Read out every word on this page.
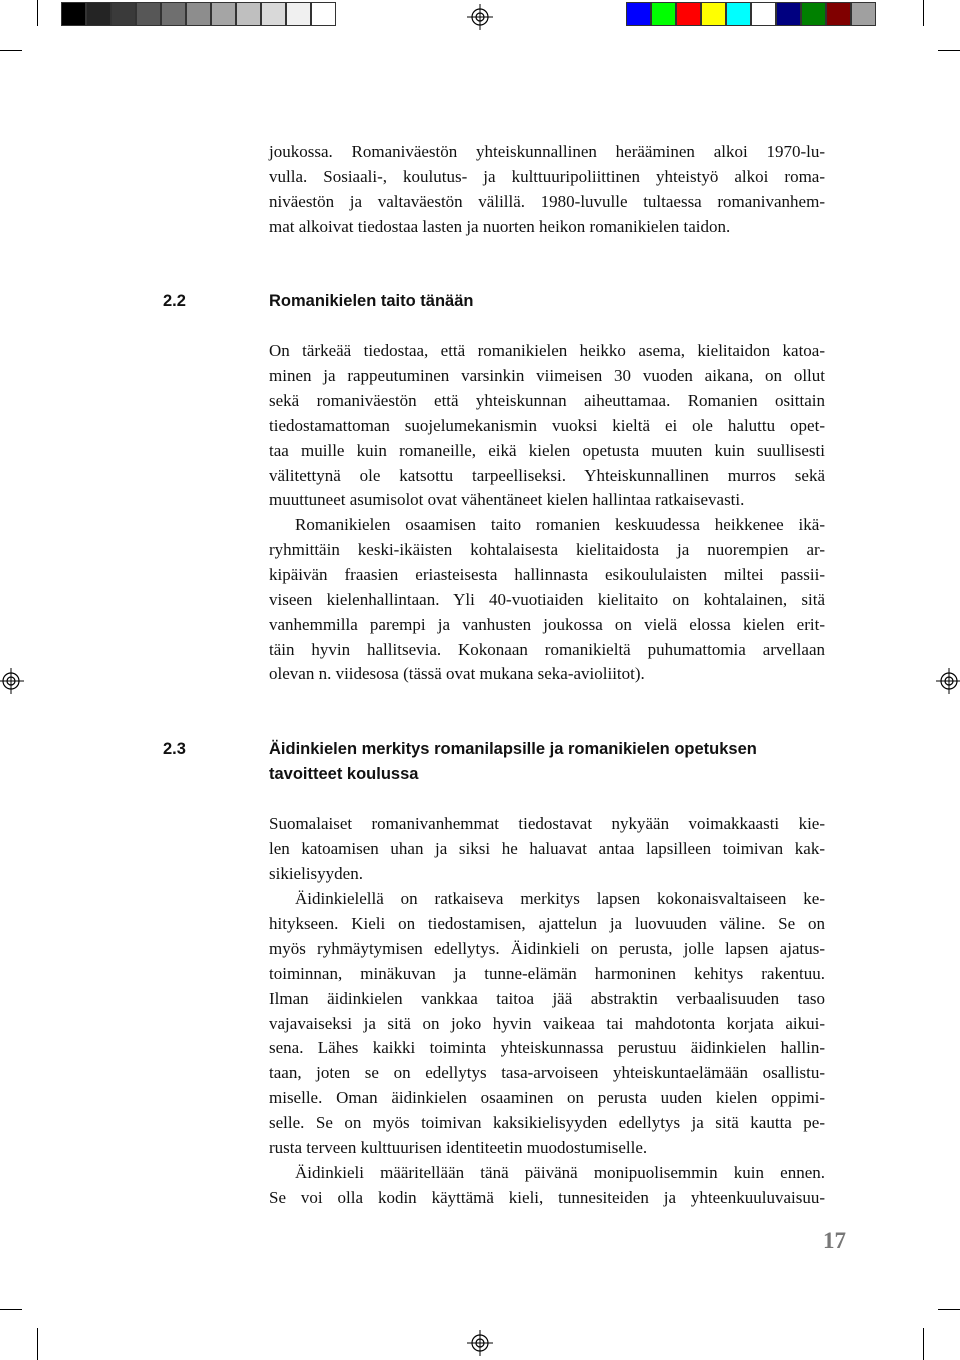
joukossa. Romaniväestön yhteiskunnallinen herääminen alkoi 1970-lu-
vulla. Sosiaali-, koulutus- ja kulttuuripoliittinen yhteistyö alkoi roma-
niväestön ja valtaväestön välillä. 1980-luvulle tultaessa romanivanhem-
mat alkoivat tiedostaa lasten ja nuorten heikon romanikielen taidon.
2.2	Romanikielen taito tänään
On tärkeää tiedostaa, että romanikielen heikko asema, kielitaidon katoa-
minen ja rappeutuminen varsinkin viimeisen 30 vuoden aikana, on ollut
sekä romaniväestön että yhteiskunnan aiheuttamaa. Romanien osittain
tiedostamattoman suojelumekanismin vuoksi kieltä ei ole haluttu opet-
taa muille kuin romaneille, eikä kielen opetusta muuten kuin suullisesti
välitettynä ole katsottu tarpeelliseksi. Yhteiskunnallinen murros sekä
muuttuneet asumisolot ovat vähentäneet kielen hallintaa ratkaisevasti.
Romanikielen osaamisen taito romanien keskuudessa heikkenee ikä-
ryhmittäin keski-ikäisten kohtalaisesta kielitaidosta ja nuorempien ar-
kipäivän fraasien eriasteisesta hallinnasta esikoululaisten miltei passii-
viseen kielenhallintaan. Yli 40-vuotiaiden kielitaito on kohtalainen, sitä
vanhemmilla parempi ja vanhusten joukossa on vielä elossa kielen erit-
täin hyvin hallitsevia. Kokonaan romanikieltä puhumattomia arvellaan
olevan n. viidesosa (tässä ovat mukana seka-avioliitot).
2.3	Äidinkielen merkitys romanilapsille ja romanikielen opetuksen
tavoitteet koulussa
Suomalaiset romanivanhemmat tiedostavat nykyään voimakkaasti kie-
len katoamisen uhan ja siksi he haluavat antaa lapsilleen toimivan kak-
sikielisyyden.
Äidinkielellä on ratkaiseva merkitys lapsen kokonaisvaltaiseen ke-
hitykseen. Kieli on tiedostamisen, ajattelun ja luovuuden väline. Se on
myös ryhmäytymisen edellytys. Äidinkieli on perusta, jolle lapsen ajatus-
toiminnan, minäkuvan ja tunne-elämän harmoninen kehitys rakentuu.
Ilman äidinkielen vankkaa taitoa jää abstraktin verbaalisuuden taso
vajavaiseksi ja sitä on joko hyvin vaikeaa tai mahdotonta korjata aikui-
sena. Lähes kaikki toiminta yhteiskunnassa perustuu äidinkielen hallin-
taan, joten se on edellytys tasa-arvoiseen yhteiskuntaelämään osallistu-
miselle. Oman äidinkielen osaaminen on perusta uuden kielen oppimi-
selle. Se on myös toimivan kaksikielisyyden edellytys ja sitä kautta pe-
rusta terveen kulttuurisen identiteetin muodostumiselle.
Äidinkieli määritellään tänä päivänä monipuolisemmin kuin ennen.
Se voi olla kodin käyttämä kieli, tunnesiteiden ja yhteenkuuluvaisuu-
17
